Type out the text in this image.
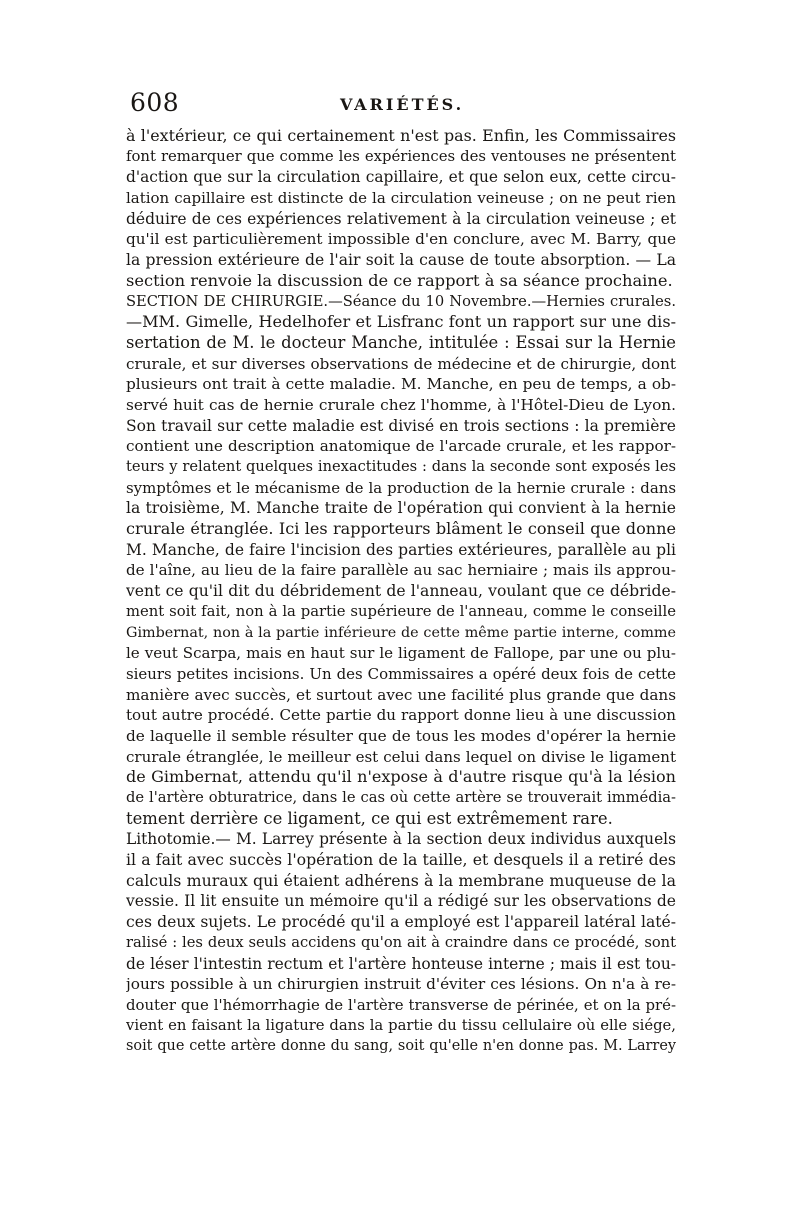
608	VARIÉTÉS.
à l'extérieur, ce qui certainement n'est pas. Enfin, les Commissaires
font remarquer que comme les expériences des ventouses ne présentent
d'action que sur la circulation capillaire, et que selon eux, cette circu-
lation capillaire est distincte de la circulation veineuse ; on ne peut rien
déduire de ces expériences relativement à la circulation veineuse ; et
qu'il est particulièrement impossible d'en conclure, avec M. Barry, que
la pression extérieure de l'air soit la cause de toute absorption. — La
section renvoie la discussion de ce rapport à sa séance prochaine.
SECTION DE CHIRURGIE.—Séance du 10 Novembre.—Hernies crurales.
—MM. Gimelle, Hedelhofer et Lisfranc font un rapport sur une dis-
sertation de M. le docteur Manche, intitulée : Essai sur la Hernie
crurale, et sur diverses observations de médecine et de chirurgie, dont
plusieurs ont trait à cette maladie. M. Manche, en peu de temps, a ob-
servé huit cas de hernie crurale chez l'homme, à l'Hôtel-Dieu de Lyon.
Son travail sur cette maladie est divisé en trois sections : la première
contient une description anatomique de l'arcade crurale, et les rappor-
teurs y relatent quelques inexactitudes : dans la seconde sont exposés les
symptômes et le mécanisme de la production de la hernie crurale : dans
la troisième, M. Manche traite de l'opération qui convient à la hernie
crurale étranglée. Ici les rapporteurs blâment le conseil que donne
M. Manche, de faire l'incision des parties extérieures, parallèle au pli
de l'aîne, au lieu de la faire parallèle au sac herniaire ; mais ils approu-
vent ce qu'il dit du débridement de l'anneau, voulant que ce débride-
ment soit fait, non à la partie supérieure de l'anneau, comme le conseille
Gimbernat, non à la partie inférieure de cette même partie interne, comme
le veut Scarpa, mais en haut sur le ligament de Fallope, par une ou plu-
sieurs petites incisions. Un des Commissaires a opéré deux fois de cette
manière avec succès, et surtout avec une facilité plus grande que dans
tout autre procédé. Cette partie du rapport donne lieu à une discussion
de laquelle il semble résulter que de tous les modes d'opérer la hernie
crurale étranglée, le meilleur est celui dans lequel on divise le ligament
de Gimbernat, attendu qu'il n'expose à d'autre risque qu'à la lésion
de l'artère obturatrice, dans le cas où cette artère se trouverait immédia-
tement derrière ce ligament, ce qui est extrêmement rare.
Lithotomie.— M. Larrey présente à la section deux individus auxquels
il a fait avec succès l'opération de la taille, et desquels il a retiré des
calculs muraux qui étaient adhérens à la membrane muqueuse de la
vessie. Il lit ensuite un mémoire qu'il a rédigé sur les observations de
ces deux sujets. Le procédé qu'il a employé est l'appareil latéral laté-
ralisé : les deux seuls accidens qu'on ait à craindre dans ce procédé, sont
de léser l'intestin rectum et l'artère honteuse interne ; mais il est tou-
jours possible à un chirurgien instruit d'éviter ces lésions. On n'a à re-
douter que l'hémorrhagie de l'artère transverse de périnée, et on la pré-
vient en faisant la ligature dans la partie du tissu cellulaire où elle siége,
soit que cette artère donne du sang, soit qu'elle n'en donne pas. M. Larrey
